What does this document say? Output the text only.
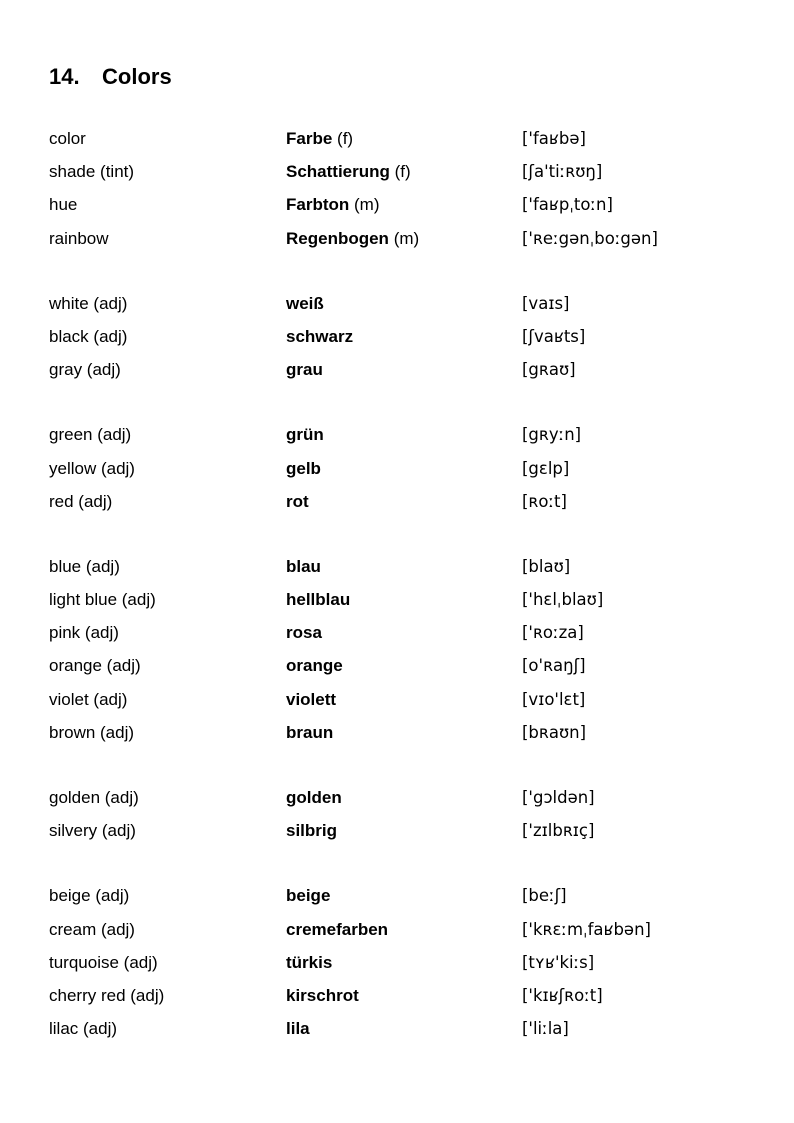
14. Colors
color	Farbe (f)	['faʁbə]
shade (tint)	Schattierung (f)	[ʃa'tiːʀʊŋ]
hue	Farbton (m)	['faʁpˌtoːn]
rainbow	Regenbogen (m)	['ʀeːgənˌboːgən]
white (adj)	weiß	[vaɪs]
black (adj)	schwarz	[ʃvaʁts]
gray (adj)	grau	[gʀaʊ]
green (adj)	grün	[gʀyːn]
yellow (adj)	gelb	[gɛlp]
red (adj)	rot	[ʀoːt]
blue (adj)	blau	[blaʊ]
light blue (adj)	hellblau	['hɛlˌblaʊ]
pink (adj)	rosa	['ʀoːza]
orange (adj)	orange	[o'ʀaŋʃ]
violet (adj)	violett	[vɪo'lɛt]
brown (adj)	braun	[bʀaʊn]
golden (adj)	golden	['gɔldən]
silvery (adj)	silbrig	['zɪlbʀɪç]
beige (adj)	beige	[beːʃ]
cream (adj)	cremefarben	['kʀɛːmˌfaʁbən]
turquoise (adj)	türkis	[tʏʁ'kiːs]
cherry red (adj)	kirschrot	['kɪʁʃʀoːt]
lilac (adj)	lila	['liːla]
